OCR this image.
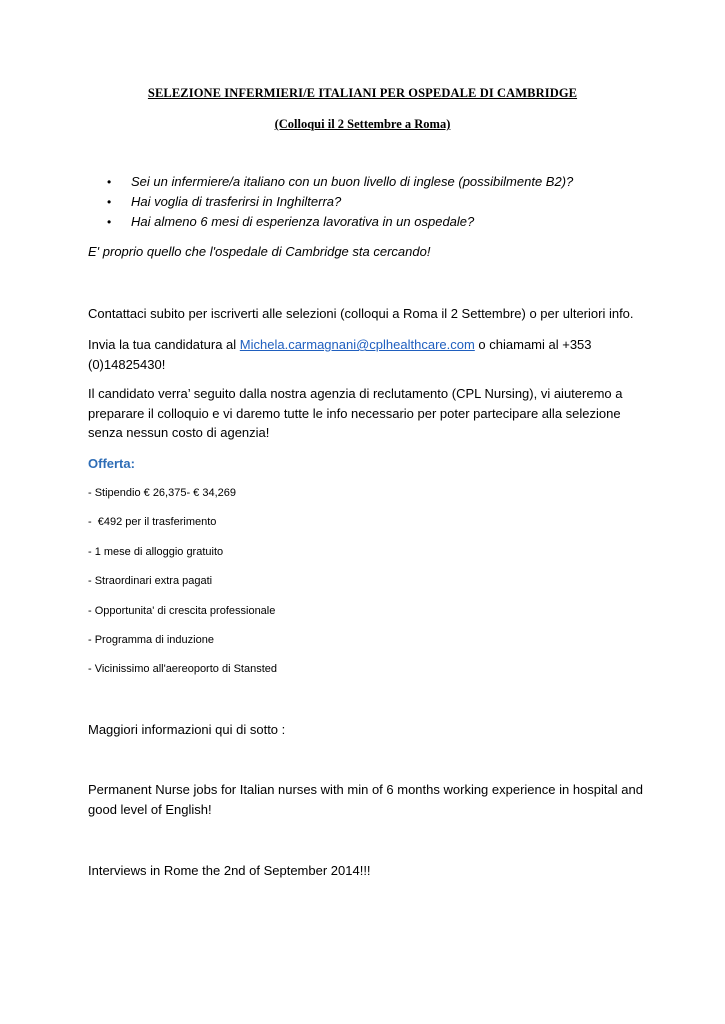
SELEZIONE INFERMIERI/E ITALIANI PER OSPEDALE DI CAMBRIDGE
(Colloqui il 2 Settembre a Roma)
• Sei un infermiere/a italiano con un buon livello di inglese (possibilmente B2)?
• Hai voglia di trasferirsi in Inghilterra?
• Hai almeno 6 mesi di esperienza lavorativa in un ospedale?
E' proprio quello che l'ospedale di Cambridge sta cercando!
Contattaci subito per iscriverti alle selezioni (colloqui a Roma il 2 Settembre) o per ulteriori info.
Invia la tua candidatura al Michela.carmagnani@cplhealthcare.com o chiamami al +353 (0)14825430!
Il candidato verra’ seguito dalla nostra agenzia di reclutamento (CPL Nursing), vi aiuteremo a preparare il colloquio e vi daremo tutte le info necessario per poter partecipare alla selezione senza nessun costo di agenzia!
Offerta:
- Stipendio € 26,375- € 34,269
-  €492 per il trasferimento
- 1 mese di alloggio gratuito
- Straordinari extra pagati
- Opportunita' di crescita professionale
- Programma di induzione
- Vicinissimo all'aereoporto di Stansted
Maggiori informazioni qui di sotto :
Permanent Nurse jobs for Italian nurses with min of 6 months working experience in hospital and good level of English!
Interviews in Rome the 2nd of September 2014!!!
